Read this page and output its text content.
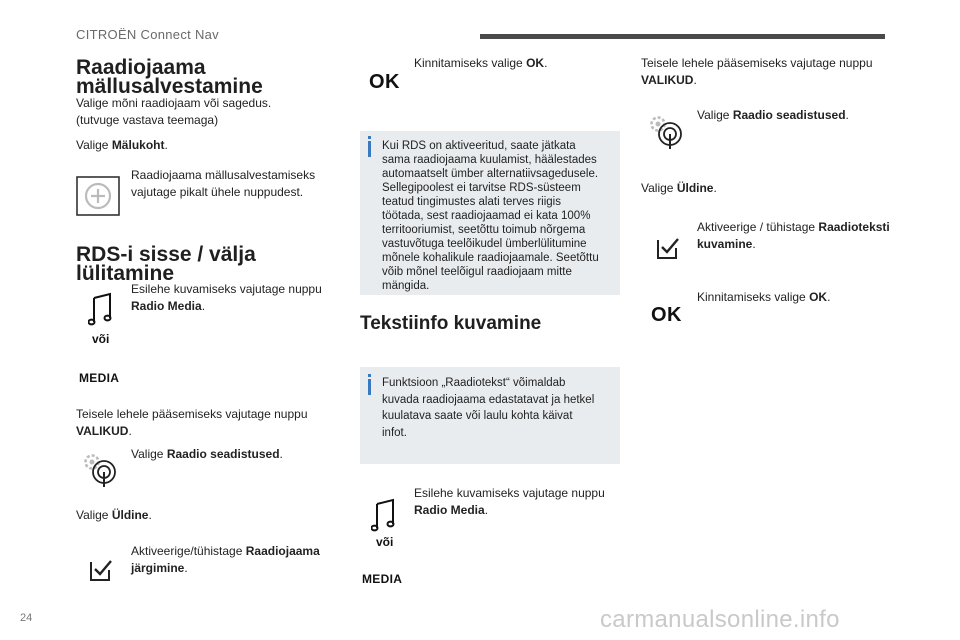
CITROËN Connect Nav
Raadiojaama
mällusalvestamine
Valige mõni raadiojaam või sagedus.
(tutvuge vastava teemaga)
Valige Mälukoht.
Raadiojaama mällusalvestamiseks
vajutage pikalt ühele nuppudest.
RDS-i sisse / välja
lülitamine
Esilehe kuvamiseks vajutage nuppu
Radio Media.
või
MEDIA
Teisele lehele pääsemiseks vajutage nuppu
VALIKUD.
Valige Raadio seadistused.
Valige Üldine.
Aktiveerige/tühistage Raadiojaama
järgimine.
OK
Kinnitamiseks valige OK.
Kui RDS on aktiveeritud, saate jätkata
sama raadiojaama kuulamist, häälestades
automaatselt ümber alternatiivsagedusele.
Sellegipoolest ei tarvitse RDS-süsteem
teatud tingimustes alati terves riigis
töötada, sest raadiojaamad ei kata 100%
territooriumist, seetõttu toimub nõrgema
vastuvõtuga teelõikudel ümberlülitumine
mõnele kohalikule raadiojaamale. Seetõttu
võib mõnel teelõigul raadiojaam mitte
mängida.
Tekstiinfo kuvamine
Funktsioon „Raadiotekst“ võimaldab
kuvada raadiojaama edastatavat ja hetkel
kuulatava saate või laulu kohta käivat
infot.
Esilehe kuvamiseks vajutage nuppu
Radio Media.
või
MEDIA
Teisele lehele pääsemiseks vajutage nuppu
VALIKUD.
Valige Raadio seadistused.
Valige Üldine.
Aktiveerige / tühistage Raadioteksti
kuvamine.
OK
Kinnitamiseks valige OK.
24	carmanualsonline.info
